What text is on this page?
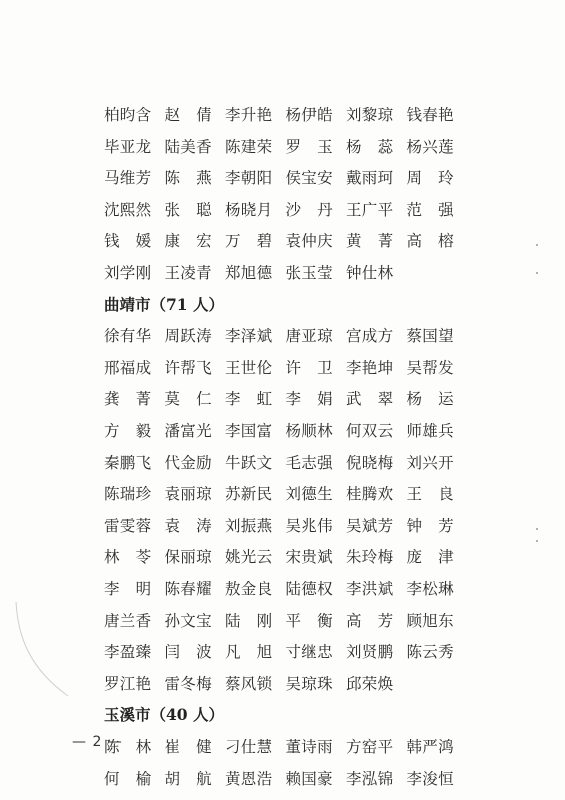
柏昀含 赵　倩 李升艳 杨伊皓 刘黎琼 钱春艳
毕亚龙 陆美香 陈建荣 罗　玉 杨　蕊 杨兴莲
马维芳 陈　燕 李朝阳 侯宝安 戴雨珂 周　玲
沈熙然 张　聪 杨晓月 沙　丹 王广平 范　强
钱　媛 康　宏 万　碧 袁仲庆 黄　菁 高　榕
刘学刚 王凌青 郑旭德 张玉莹 钟仕林
曲靖市（71 人）
徐有华 周跃涛 李泽斌 唐亚琼 宫成方 蔡国望
邢福成 许帮飞 王世伦 许　卫 李艳坤 吴帮发
龚　菁 莫　仁 李　虹 李　娟 武　翠 杨　运
方　毅 潘富光 李国富 杨顺林 何双云 师雄兵
秦鹏飞 代金励 牛跃文 毛志强 倪晓梅 刘兴开
陈瑞珍 袁丽琼 苏新民 刘德生 桂腾欢 王　良
雷雯蓉 袁　涛 刘振燕 吴兆伟 吴斌芳 钟　芳
林　苓 保丽琼 姚光云 宋贵斌 朱玲梅 庞　津
李　明 陈春耀 敖金良 陆德权 李洪斌 李松琳
唐兰香 孙文宝 陆　刚 平　衡 高　芳 顾旭东
李盈臻 闫　波 凡　旭 寸继忠 刘贤鹏 陈云秀
罗江艳 雷冬梅 蔡风锁 吴琼珠 邱荣焕
玉溪市（40 人）
陈　林 崔　健 刁仕慧 董诗雨 方窑平 韩严鸿
何　榆 胡　航 黄恩浩 赖国豪 李泓锦 李浚恒
— 2 —
